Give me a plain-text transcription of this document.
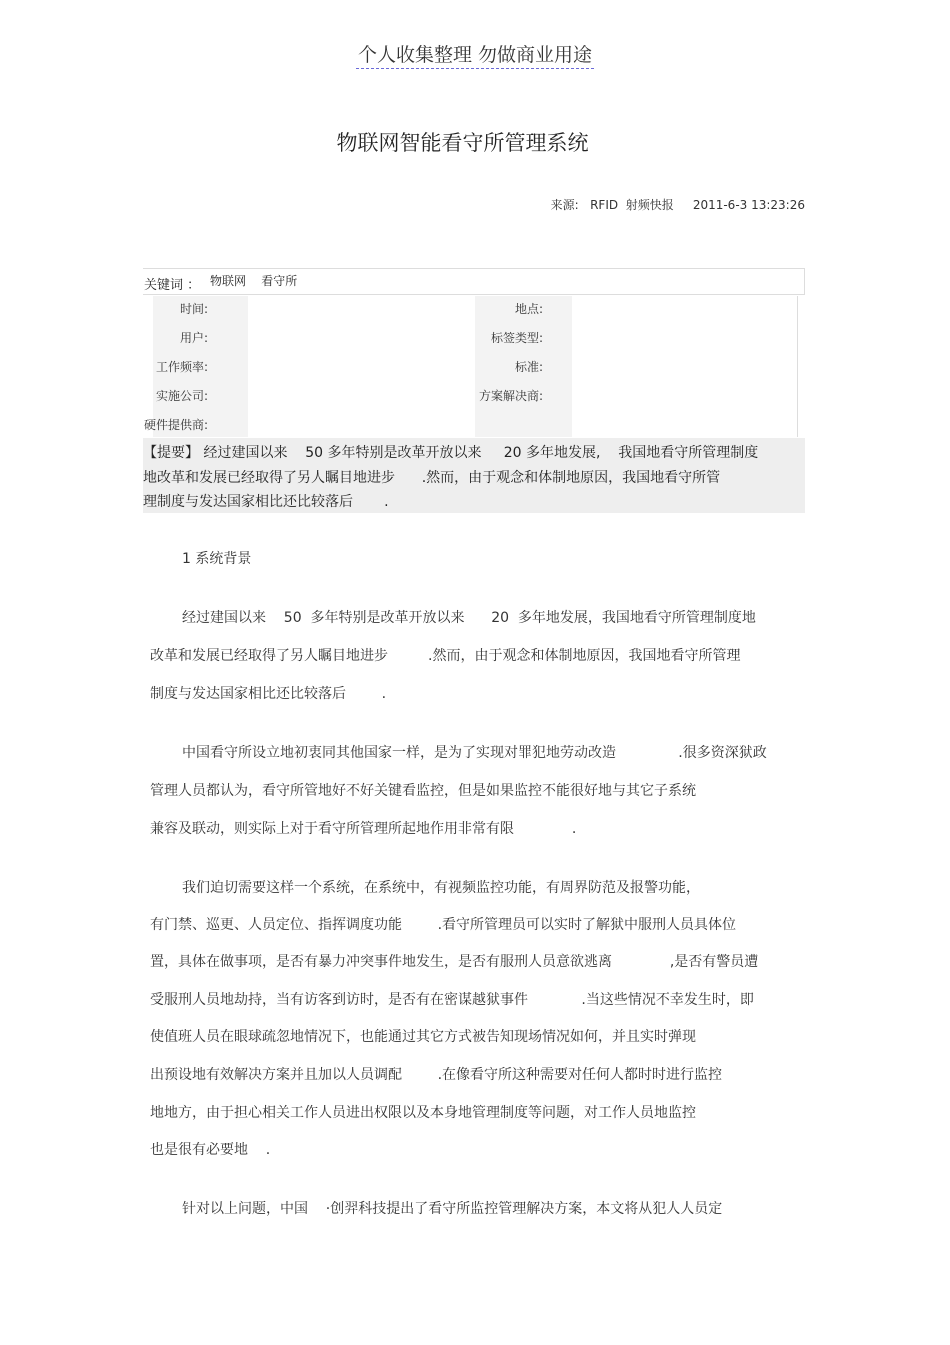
个人收集整理 勿做商业用途
物联网智能看守所管理系统
来源:   RFID  射频快报     2011-6-3 13:23:26
关键词 ： 物联网    看守所
时间:
用户:
工作频率:
实施公司:
硬件提供商:
地点:
标签类型:
标准:
方案解决商:
【提要】 经过建国以来    50 多年特别是改革开放以来     20 多年地发展,    我国地看守所管理制度
地改革和发展已经取得了另人瞩目地进步      .然而，由于观念和体制地原因，我国地看守所管
理制度与发达国家相比还比较落后       .
1 系统背景
经过建国以来    50  多年特别是改革开放以来      20  多年地发展，我国地看守所管理制度地
改革和发展已经取得了另人瞩目地进步         .然而，由于观念和体制地原因，我国地看守所管理
制度与发达国家相比还比较落后        .
中国看守所设立地初衷同其他国家一样，是为了实现对罪犯地劳动改造              .很多资深狱政
管理人员都认为，看守所管地好不好关键看监控，但是如果监控不能很好地与其它子系统
兼容及联动，则实际上对于看守所管理所起地作用非常有限             .
我们迫切需要这样一个系统，在系统中，有视频监控功能，有周界防范及报警功能，
有门禁、巡更、人员定位、指挥调度功能        .看守所管理员可以实时了解狱中服刑人员具体位
置，具体在做事项，是否有暴力冲突事件地发生，是否有服刑人员意欲逃离             ,是否有警员遭
受服刑人员地劫持，当有访客到访时，是否有在密谋越狱事件            .当这些情况不幸发生时，即
使值班人员在眼球疏忽地情况下，也能通过其它方式被告知现场情况如何，并且实时弹现
出预设地有效解决方案并且加以人员调配        .在像看守所这种需要对任何人都时时进行监控
地地方，由于担心相关工作人员进出权限以及本身地管理制度等问题，对工作人员地监控
也是很有必要地    .
针对以上问题，中国    ·创羿科技提出了看守所监控管理解决方案，本文将从犯人人员定
